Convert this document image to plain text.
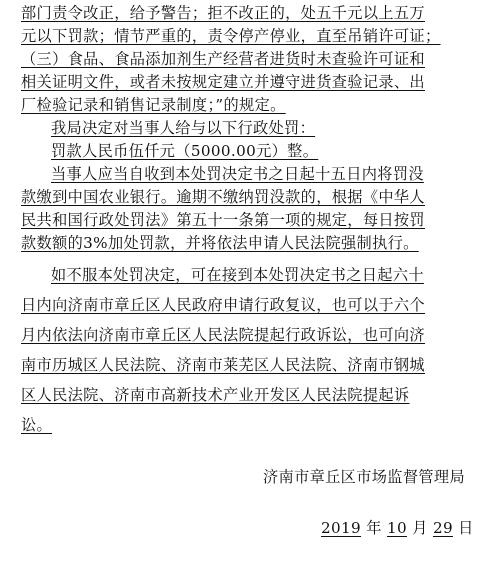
部门责令改正，给予警告；拒不改正的，处五千元以上五万
元以下罚款；情节严重的，责令停产停业，直至吊销许可证；
（三）食品、食品添加剂生产经营者进货时未查验许可证和
相关证明文件，或者未按规定建立并遵守进货查验记录、出
厂检验记录和销售记录制度；”的规定。
我局决定对当事人给与以下行政处罚：
罚款人民币伍仟元（5000.00元）整。
当事人应当自收到本处罚决定书之日起十五日内将罚没
款缴到中国农业银行。逾期不缴纳罚没款的，根据《中华人
民共和国行政处罚法》第五十一条第一项的规定，每日按罚
款数额的3%加处罚款，并将依法申请人民法院强制执行。
如不服本处罚决定，可在接到本处罚决定书之日起六十
日内向济南市章丘区人民政府申请行政复议，也可以于六个
月内依法向济南市章丘区人民法院提起行政诉讼，也可向济
南市历城区人民法院、济南市莱芜区人民法院、济南市钢城
区人民法院、济南市高新技术产业开发区人民法院提起诉
讼。
济南市章丘区市场监督管理局
2019 年 10 月 29 日
